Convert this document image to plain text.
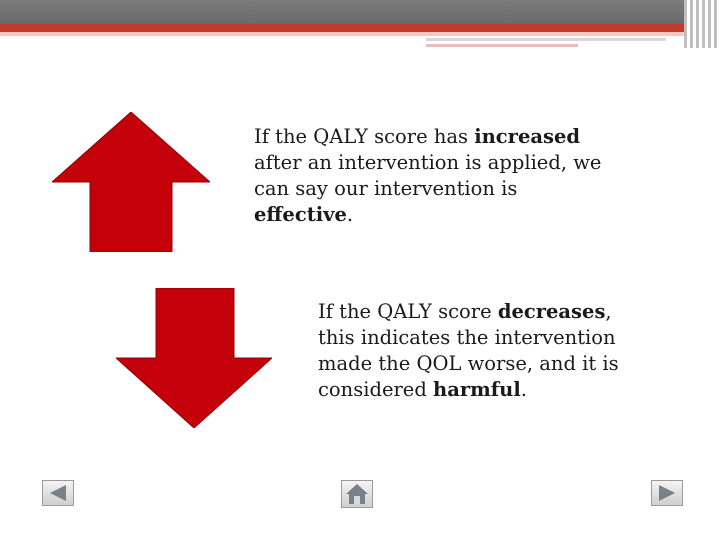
If the QALY score has increased after an intervention is applied, we can say our intervention is effective.

If the QALY score decreases, this indicates the intervention made the QOL worse, and it is considered harmful.
